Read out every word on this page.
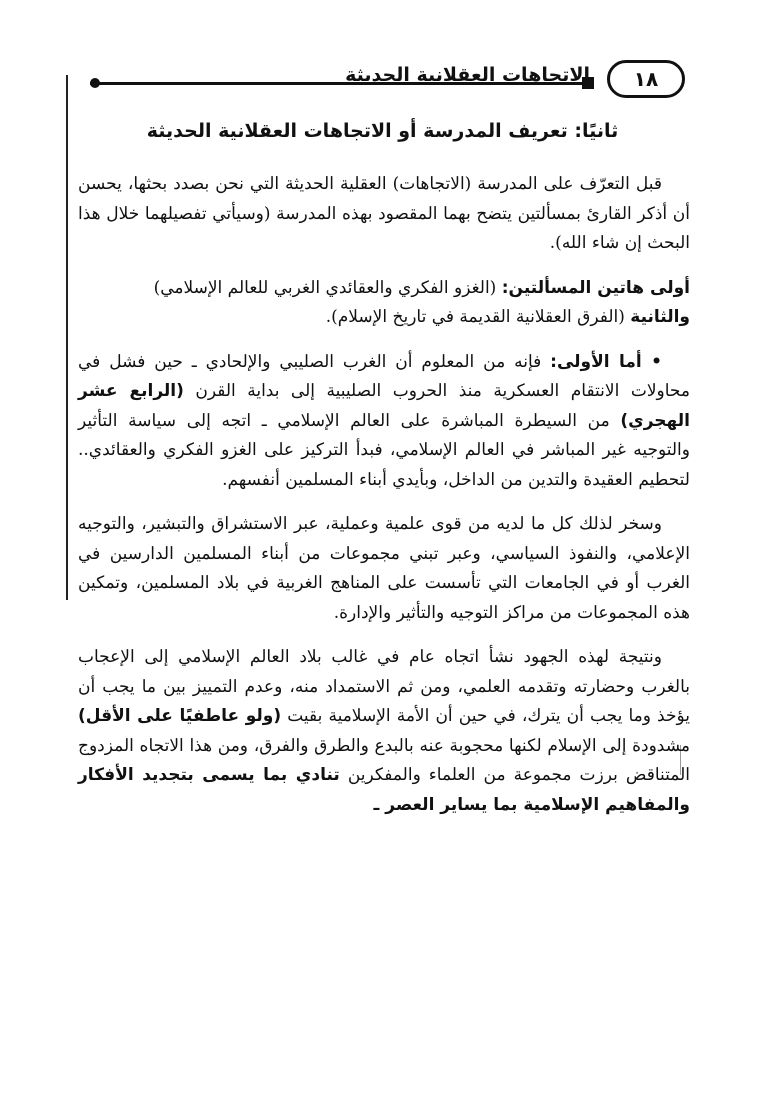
الاتجاهات العقلانية الحديثة	١٨
ثانيًا: تعريف المدرسة أو الاتجاهات العقلانية الحديثة

قبل التعرّف على المدرسة (الاتجاهات) العقلية الحديثة التي نحن بصدد بحثها، يحسن أن أذكر القارئ بمسألتين يتضح بهما المقصود بهذه المدرسة (وسيأتي تفصيلهما خلال هذا البحث إن شاء الله).

أولى هاتين المسألتين: (الغزو الفكري والعقائدي الغربي للعالم الإسلامي)
والثانية (الفرق العقلانية القديمة في تاريخ الإسلام).

• أما الأولى: فإنه من المعلوم أن الغرب الصليبي والإلحادي ـ حين فشل في محاولات الانتقام العسكرية منذ الحروب الصليبية إلى بداية القرن (الرابع عشر الهجري) من السيطرة المباشرة على العالم الإسلامي ـ اتجه إلى سياسة التأثير والتوجيه غير المباشر في العالم الإسلامي، فبدأ التركيز على الغزو الفكري والعقائدي.. لتحطيم العقيدة والتدين من الداخل، وبأيدي أبناء المسلمين أنفسهم.

وسخر لذلك كل ما لديه من قوى علمية وعملية، عبر الاستشراق والتبشير، والتوجيه الإعلامي، والنفوذ السياسي، وعبر تبني مجموعات من أبناء المسلمين الدارسين في الغرب أو في الجامعات التي تأسست على المناهج الغربية في بلاد المسلمين، وتمكين هذه المجموعات من مراكز التوجيه والتأثير والإدارة.

ونتيجة لهذه الجهود نشأ اتجاه عام في غالب بلاد العالم الإسلامي إلى الإعجاب بالغرب وحضارته وتقدمه العلمي، ومن ثم الاستمداد منه، وعدم التمييز بين ما يجب أن يؤخذ وما يجب أن يترك، في حين أن الأمة الإسلامية بقيت (ولو عاطفيًا على الأقل) مشدودة إلى الإسلام لكنها محجوبة عنه بالبدع والطرق والفرق، ومن هذا الاتجاه المزدوج المتناقض برزت مجموعة من العلماء والمفكرين تنادي بما يسمى بتجديد الأفكار والمفاهيم الإسلامية بما يساير العصر ـ
